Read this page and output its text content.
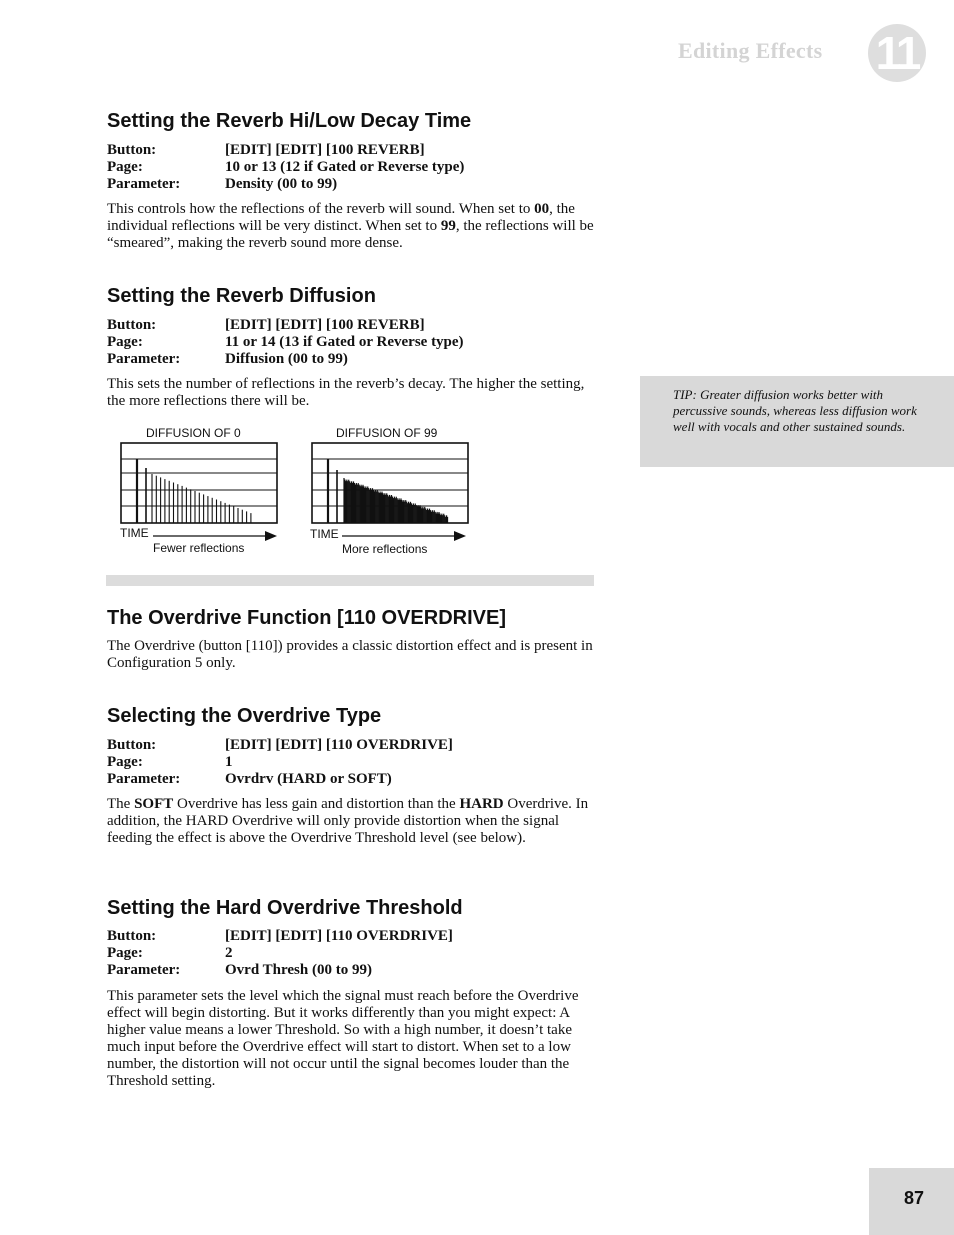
Editing Effects 11
Setting the Reverb Hi/Low Decay Time
Button:	[EDIT] [EDIT] [100 REVERB]
Page:	10 or 13 (12 if Gated or Reverse type)
Parameter:	Density (00 to 99)

This controls how the reflections of the reverb will sound. When set to 00, the individual reflections will be very distinct. When set to 99, the reflections will be “smeared”, making the reverb sound more dense.

Setting the Reverb Diffusion
Button:	[EDIT] [EDIT] [100 REVERB]
Page:	11 or 14 (13 if Gated or Reverse type)
Parameter:	Diffusion (00 to 99)

This sets the number of reflections in the reverb’s decay. The higher the setting, the more reflections there will be.

DIFFUSION OF 0	DIFFUSION OF 99
TIME
Fewer reflections
TIME
More reflections
The Overdrive Function [110 OVERDRIVE]

The Overdrive (button [110]) provides a classic distortion effect and is present in Configuration 5 only.

Selecting the Overdrive Type
Button:	[EDIT] [EDIT] [110 OVERDRIVE]
Page:	1
Parameter:	Ovrdrv (HARD or SOFT)

The SOFT Overdrive has less gain and distortion than the HARD Overdrive. In addition, the HARD Overdrive will only provide distortion when the signal feeding the effect is above the Overdrive Threshold level (see below).

Setting the Hard Overdrive Threshold
Button:	[EDIT] [EDIT] [110 OVERDRIVE]
Page:	2
Parameter:	Ovrd Thresh (00 to 99)

This parameter sets the level which the signal must reach before the Overdrive effect will begin distorting. But it works differently than you might expect: A higher value means a lower Threshold. So with a high number, it doesn’t take much input before the Overdrive effect will start to distort. When set to a low number, the distortion will not occur until the signal becomes louder than the Threshold setting.

TIP: Greater diffusion works better with percussive sounds, whereas less diffusion work well with vocals and other sustained sounds.
87
